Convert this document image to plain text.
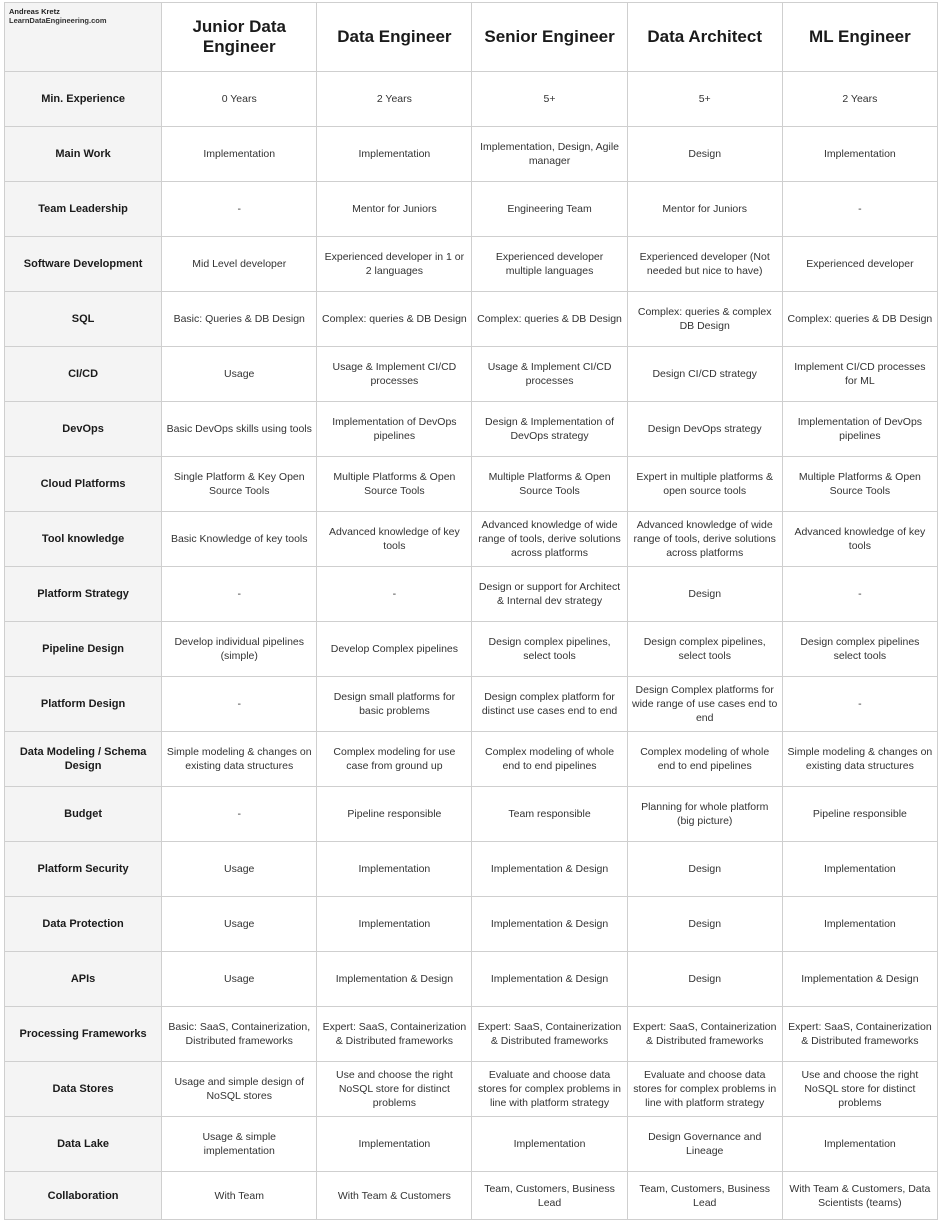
Andreas Kretz
LearnDataEngineering.com	Junior Data Engineer	Data Engineer	Senior Engineer	Data Architect	ML Engineer
Min. Experience	0 Years	2 Years	5+	5+	2 Years
Main Work	Implementation	Implementation	Implementation, Design, Agile manager	Design	Implementation
Team Leadership	-	Mentor for Juniors	Engineering Team	Mentor for Juniors	-
Software Development	Mid Level developer	Experienced developer in 1 or 2 languages	Experienced developer multiple languages	Experienced developer (Not needed but nice to have)	Experienced developer
SQL	Basic: Queries & DB Design	Complex: queries & DB Design	Complex: queries & DB Design	Complex: queries & complex DB Design	Complex: queries & DB Design
CI/CD	Usage	Usage & Implement CI/CD processes	Usage & Implement CI/CD processes	Design CI/CD strategy	Implement CI/CD processes for ML
DevOps	Basic DevOps skills using tools	Implementation of DevOps pipelines	Design & Implementation of DevOps strategy	Design DevOps strategy	Implementation of DevOps pipelines
Cloud Platforms	Single Platform & Key Open Source Tools	Multiple Platforms & Open Source Tools	Multiple Platforms & Open Source Tools	Expert in multiple platforms & open source tools	Multiple Platforms & Open Source Tools
Tool knowledge	Basic Knowledge of key tools	Advanced knowledge of key tools	Advanced knowledge of wide range of tools, derive solutions across platforms	Advanced knowledge of wide range of tools, derive solutions across platforms	Advanced knowledge of key tools
Platform Strategy	-	-	Design or support for Architect & Internal dev strategy	Design	-
Pipeline Design	Develop individual pipelines (simple)	Develop Complex pipelines	Design complex pipelines, select tools	Design complex pipelines, select tools	Design complex pipelines select tools
Platform Design	-	Design small platforms for basic problems	Design complex platform for distinct use cases end to end	Design Complex platforms for wide range of use cases end to end	-
Data Modeling / Schema Design	Simple modeling & changes on existing data structures	Complex modeling for use case from ground up	Complex modeling of whole end to end pipelines	Complex modeling of whole end to end pipelines	Simple modeling & changes on existing data structures
Budget	-	Pipeline responsible	Team responsible	Planning for whole platform (big picture)	Pipeline responsible
Platform Security	Usage	Implementation	Implementation & Design	Design	Implementation
Data Protection	Usage	Implementation	Implementation & Design	Design	Implementation
APIs	Usage	Implementation & Design	Implementation & Design	Design	Implementation & Design
Processing Frameworks	Basic: SaaS, Containerization, Distributed frameworks	Expert: SaaS, Containerization & Distributed frameworks	Expert: SaaS, Containerization & Distributed frameworks	Expert: SaaS, Containerization & Distributed frameworks	Expert: SaaS, Containerization & Distributed frameworks
Data Stores	Usage and simple design of NoSQL stores	Use and choose the right NoSQL store for distinct problems	Evaluate and choose data stores for complex problems in line with platform strategy	Evaluate and choose data stores for complex problems in line with platform strategy	Use and choose the right NoSQL store for distinct problems
Data Lake	Usage & simple implementation	Implementation	Implementation	Design Governance and Lineage	Implementation
Collaboration	With Team	With Team & Customers	Team, Customers, Business Lead	Team, Customers, Business Lead	With Team & Customers, Data Scientists (teams)
